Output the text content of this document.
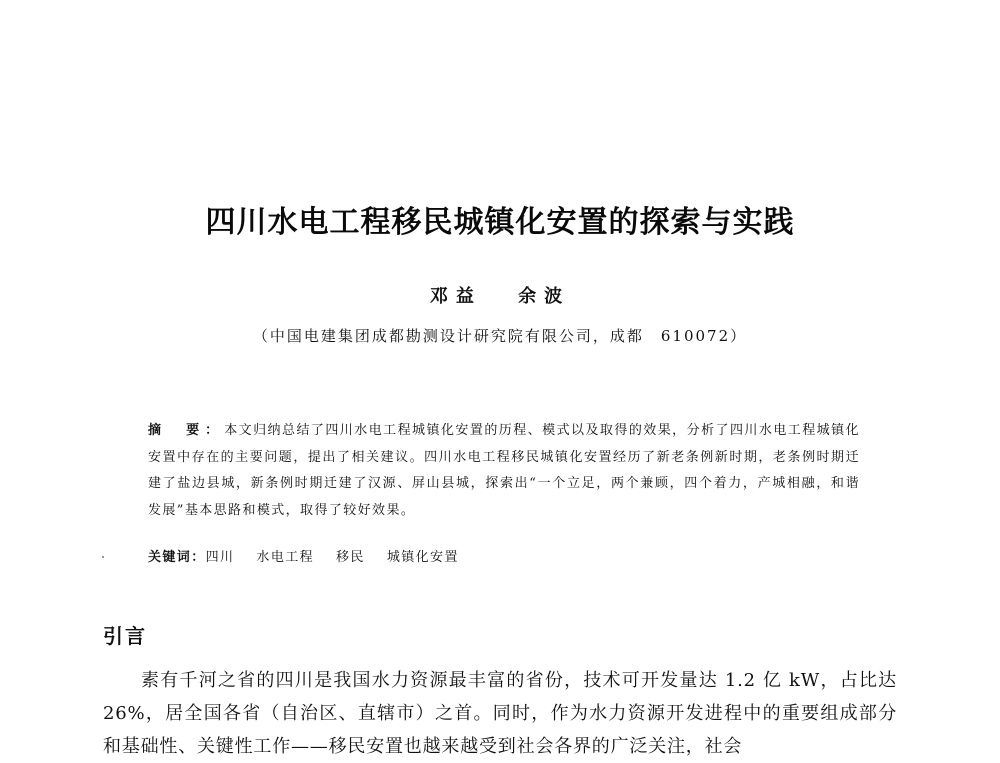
四川水电工程移民城镇化安置的探索与实践
邓益 余波
（中国电建集团成都勘测设计研究院有限公司，成都　610072）
摘　要：本文归纳总结了四川水电工程城镇化安置的历程、模式以及取得的效果，分析了四川水电工程城镇化安置中存在的主要问题，提出了相关建议。四川水电工程移民城镇化安置经历了新老条例新时期，老条例时期迁建了盐边县城，新条例时期迁建了汉源、屏山县城，探索出“一个立足，两个兼顾，四个着力，产城相融，和谐发展”基本思路和模式，取得了较好效果。
关键词：四川 水电工程 移民 城镇化安置
引言
素有千河之省的四川是我国水力资源最丰富的省份，技术可开发量达 1.2 亿 kW，占比达 26%，居全国各省（自治区、直辖市）之首。同时，作为水力资源开发进程中的重要组成部分和基础性、关键性工作——移民安置也越来越受到社会各界的广泛关注，社会
